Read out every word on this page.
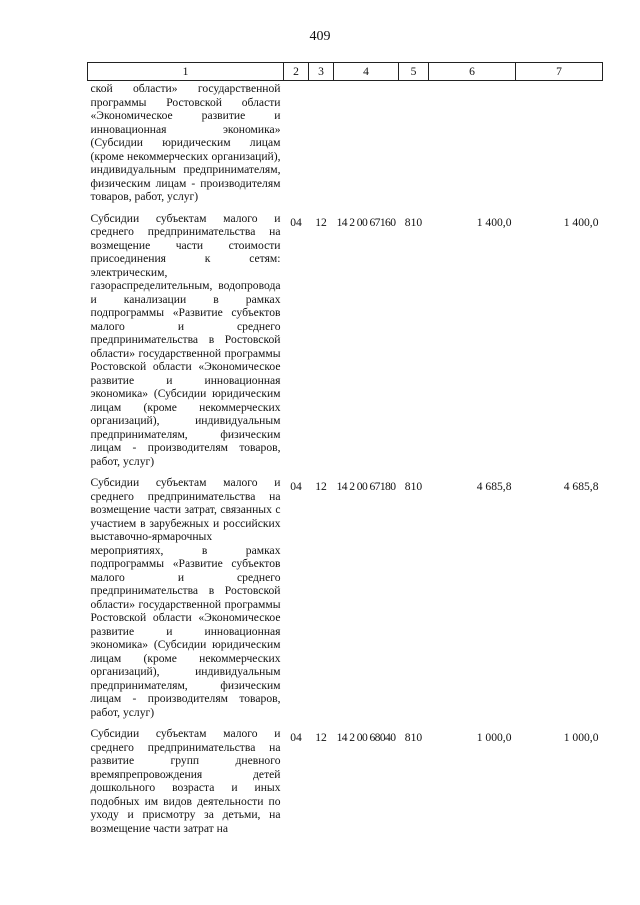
409
1	2	3	4	5	6	7
ской области» государственной программы Ростовской области «Экономическое развитие и инновационная экономика» (Субсидии юридическим лицам (кроме некоммерческих организаций), индивидуальным предпринимателям, физическим лицам - производителям товаров, работ, услуг)						
Субсидии субъектам малого и среднего предпринимательства на возмещение части стоимости присоединения к сетям: электрическим, газораспределительным, водопровода и канализации в рамках подпрограммы «Развитие субъектов малого и среднего предпринимательства в Ростовской области» государственной программы Ростовской области «Экономическое развитие и инновационная экономика» (Субсидии юридическим лицам (кроме некоммерческих организаций), индивидуальным предпринимателям, физическим лицам - производителям товаров, работ, услуг)	04	12	14 2 00 67160	810	1 400,0	1 400,0
Субсидии субъектам малого и среднего предпринимательства на возмещение части затрат, связанных с участием в зарубежных и российских выставочно-ярмарочных мероприятиях, в рамках подпрограммы «Развитие субъектов малого и среднего предпринимательства в Ростовской области» государственной программы Ростовской области «Экономическое развитие и инновационная экономика» (Субсидии юридическим лицам (кроме некоммерческих организаций), индивидуальным предпринимателям, физическим лицам - производителям товаров, работ, услуг)	04	12	14 2 00 67180	810	4 685,8	4 685,8
Субсидии субъектам малого и среднего предпринимательства на развитие групп дневного времяпрепровождения детей дошкольного возраста и иных подобных им видов деятельности по уходу и присмотру за детьми, на возмещение части затрат на	04	12	14 2 00 68040	810	1 000,0	1 000,0
